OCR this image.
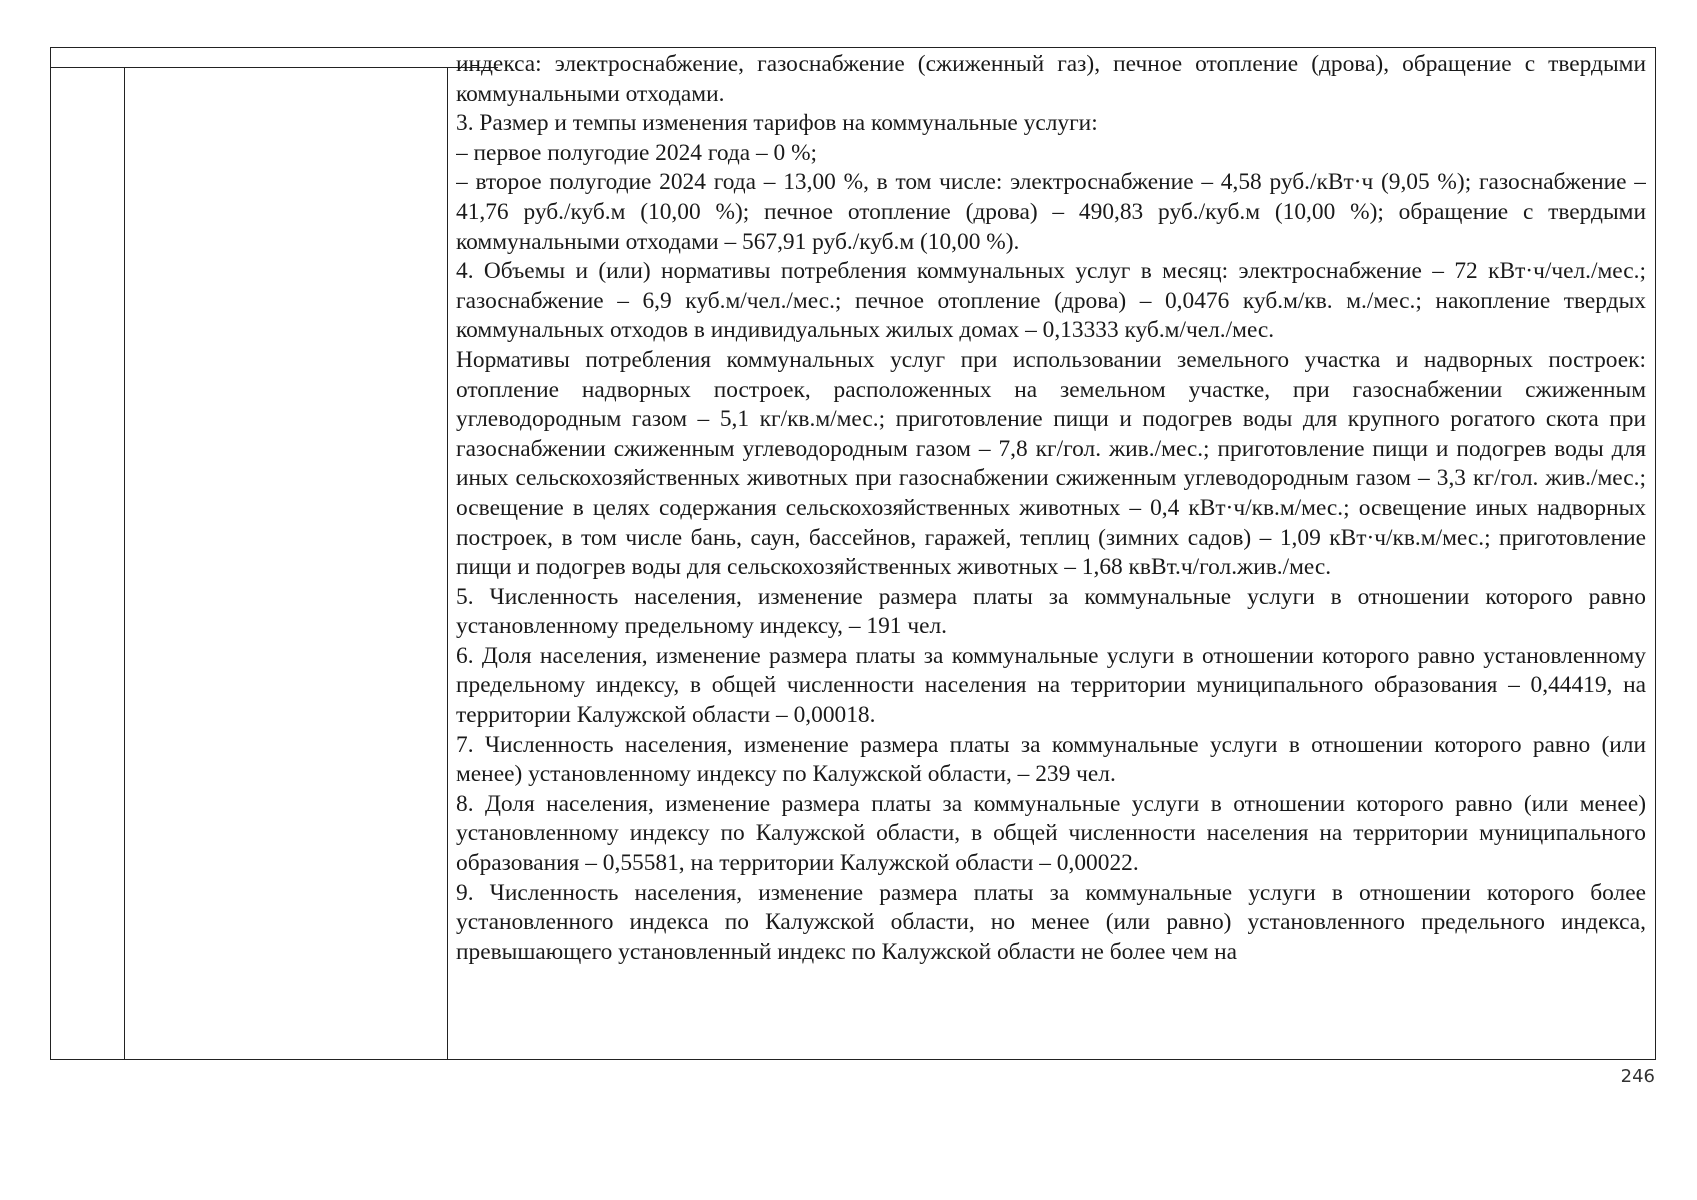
индекса: электроснабжение, газоснабжение (сжиженный газ), печное отопление (дрова), обращение с твердыми коммунальными отходами.

3. Размер и темпы изменения тарифов на коммунальные услуги:

– первое полугодие 2024 года – 0 %;

– второе полугодие 2024 года – 13,00 %, в том числе: электроснабжение – 4,58 руб./кВт·ч (9,05 %); газоснабжение – 41,76 руб./куб.м (10,00 %); печное отопление (дрова) – 490,83 руб./куб.м (10,00 %); обращение с твердыми коммунальными отходами – 567,91 руб./куб.м (10,00 %).

4. Объемы и (или) нормативы потребления коммунальных услуг в месяц: электроснабжение – 72 кВт·ч/чел./мес.; газоснабжение – 6,9 куб.м/чел./мес.; печное отопление (дрова) – 0,0476 куб.м/кв. м./мес.; накопление твердых коммунальных отходов в индивидуальных жилых домах – 0,13333 куб.м/чел./мес.

Нормативы потребления коммунальных услуг при использовании земельного участка и надворных построек: отопление надворных построек, расположенных на земельном участке, при газоснабжении сжиженным углеводородным газом – 5,1 кг/кв.м/мес.; приготовление пищи и подогрев воды для крупного рогатого скота при газоснабжении сжиженным углеводородным газом – 7,8 кг/гол. жив./мес.; приготовление пищи и подогрев воды для иных сельскохозяйственных животных при газоснабжении сжиженным углеводородным газом – 3,3 кг/гол. жив./мес.; освещение в целях содержания сельскохозяйственных животных – 0,4 кВт·ч/кв.м/мес.; освещение иных надворных построек, в том числе бань, саун, бассейнов, гаражей, теплиц (зимних садов) – 1,09 кВт·ч/кв.м/мес.; приготовление пищи и подогрев воды для сельскохозяйственных животных – 1,68 квВт.ч/гол.жив./мес.

5. Численность населения, изменение размера платы за коммунальные услуги в отношении которого равно установленному предельному индексу, – 191 чел.

6. Доля населения, изменение размера платы за коммунальные услуги в отношении которого равно установленному предельному индексу, в общей численности населения на территории муниципального образования – 0,44419, на территории Калужской области – 0,00018.

7. Численность населения, изменение размера платы за коммунальные услуги в отношении которого равно (или менее) установленному индексу по Калужской области, – 239 чел.

8. Доля населения, изменение размера платы за коммунальные услуги в отношении которого равно (или менее) установленному индексу по Калужской области, в общей численности населения на территории муниципального образования – 0,55581, на территории Калужской области – 0,00022.

9. Численность населения, изменение размера платы за коммунальные услуги в отношении которого более установленного индекса по Калужской области, но менее (или равно) установленного предельного индекса, превышающего установленный индекс по Калужской области не более чем на

246
